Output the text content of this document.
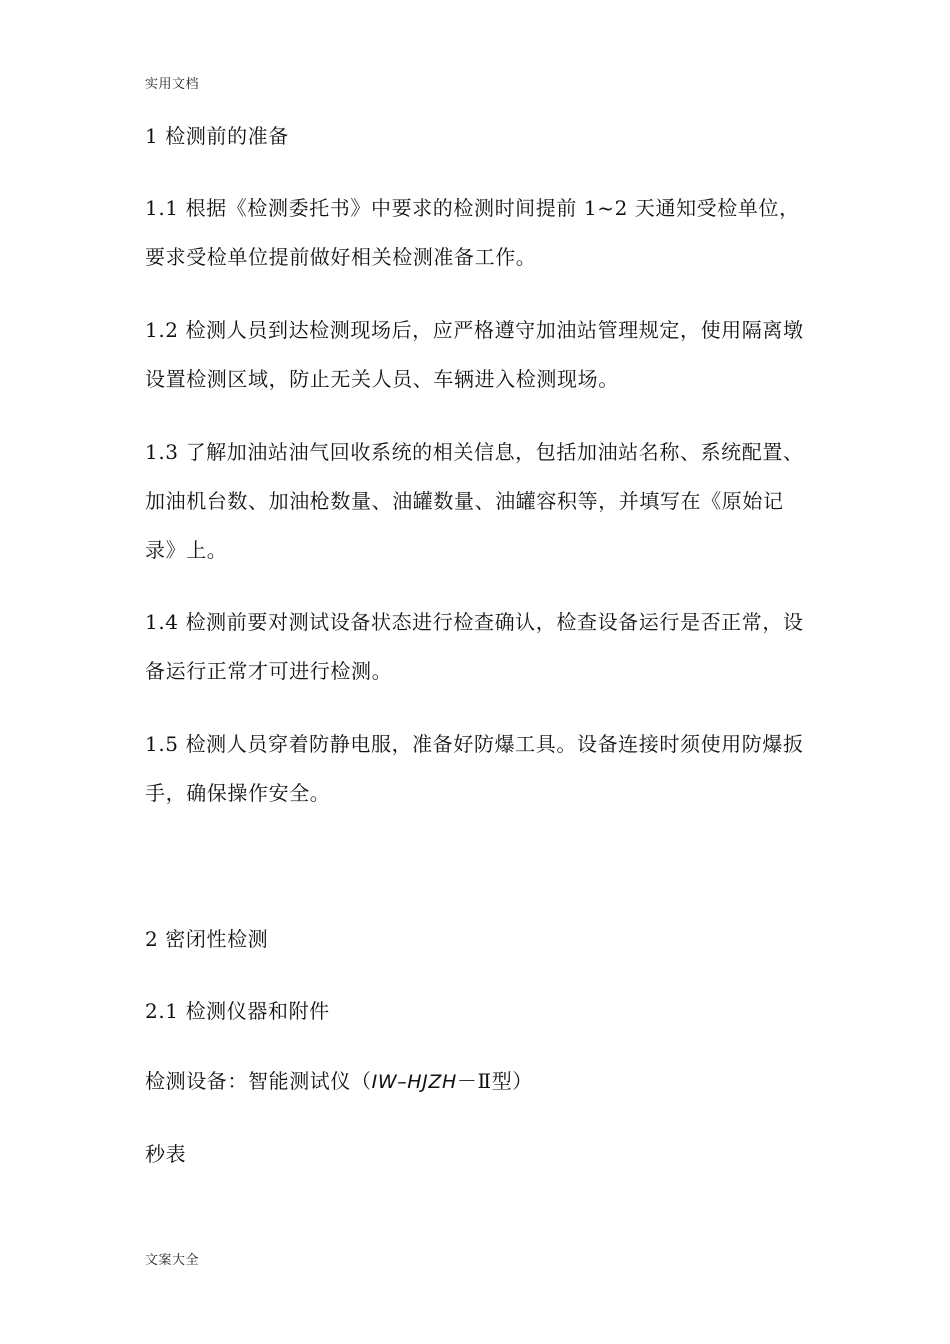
实用文档

1 检测前的准备

1.1 根据《检测委托书》中要求的检测时间提前 1~2 天通知受检单位，要求受检单位提前做好相关检测准备工作。

1.2 检测人员到达检测现场后，应严格遵守加油站管理规定，使用隔离墩设置检测区域，防止无关人员、车辆进入检测现场。

1.3 了解加油站油气回收系统的相关信息，包括加油站名称、系统配置、加油机台数、加油枪数量、油罐数量、油罐容积等，并填写在《原始记录》上。

1.4 检测前要对测试设备状态进行检查确认，检查设备运行是否正常，设备运行正常才可进行检测。

1.5 检测人员穿着防静电服，准备好防爆工具。设备连接时须使用防爆扳手，确保操作安全。

2 密闭性检测

2.1 检测仪器和附件

检测设备：智能测试仪（IW–HJZH－Ⅱ型）

秒表

文案大全
